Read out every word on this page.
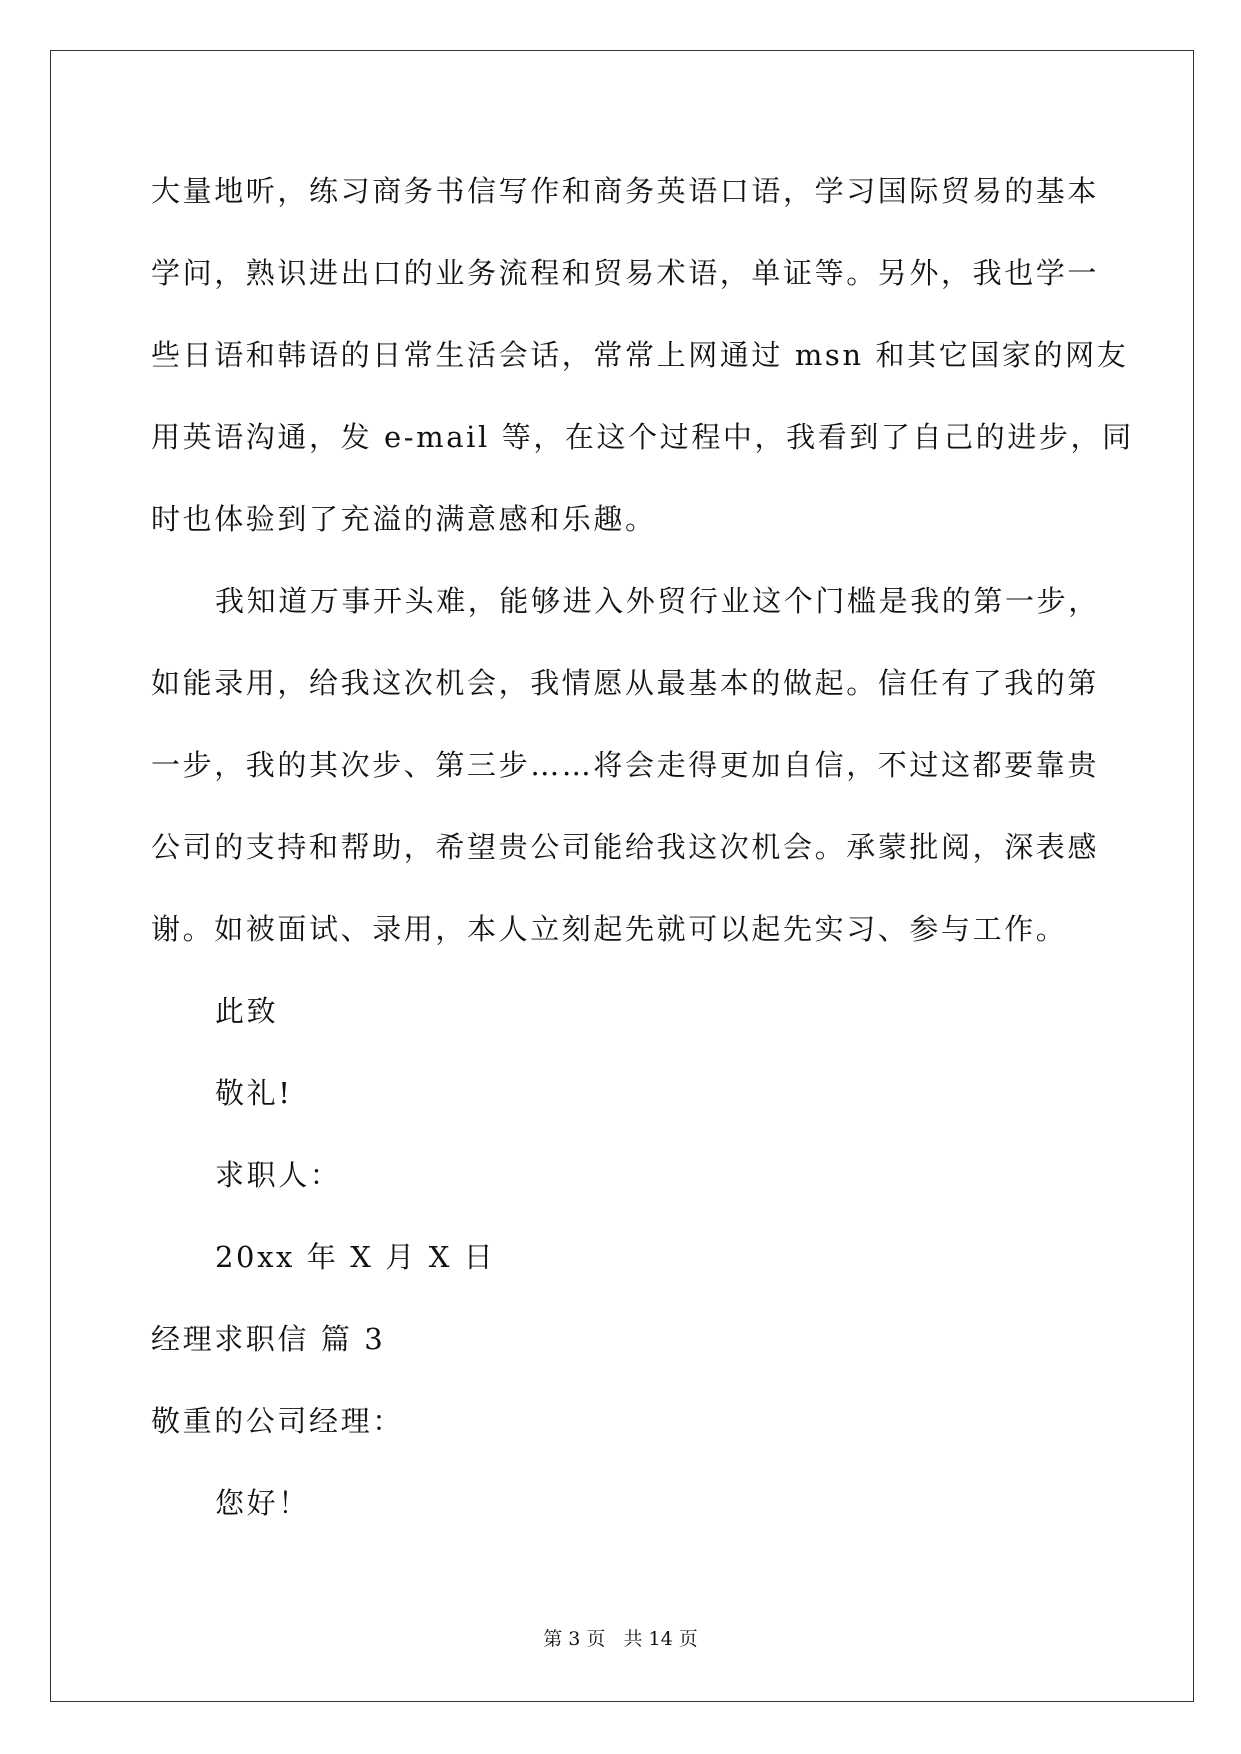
大量地听，练习商务书信写作和商务英语口语，学习国际贸易的基本
学问，熟识进出口的业务流程和贸易术语，单证等。另外，我也学一
些日语和韩语的日常生活会话，常常上网通过 msn 和其它国家的网友
用英语沟通，发 e-mail 等，在这个过程中，我看到了自己的进步，同
时也体验到了充溢的满意感和乐趣。

我知道万事开头难，能够进入外贸行业这个门槛是我的第一步，
如能录用，给我这次机会，我情愿从最基本的做起。信任有了我的第
一步，我的其次步、第三步……将会走得更加自信，不过这都要靠贵
公司的支持和帮助，希望贵公司能给我这次机会。承蒙批阅，深表感
谢。如被面试、录用，本人立刻起先就可以起先实习、参与工作。

此致

敬礼!

求职人：

20xx 年 X 月 X 日

经理求职信 篇 3

敬重的公司经理：

您好！

第 3 页 共 14 页
